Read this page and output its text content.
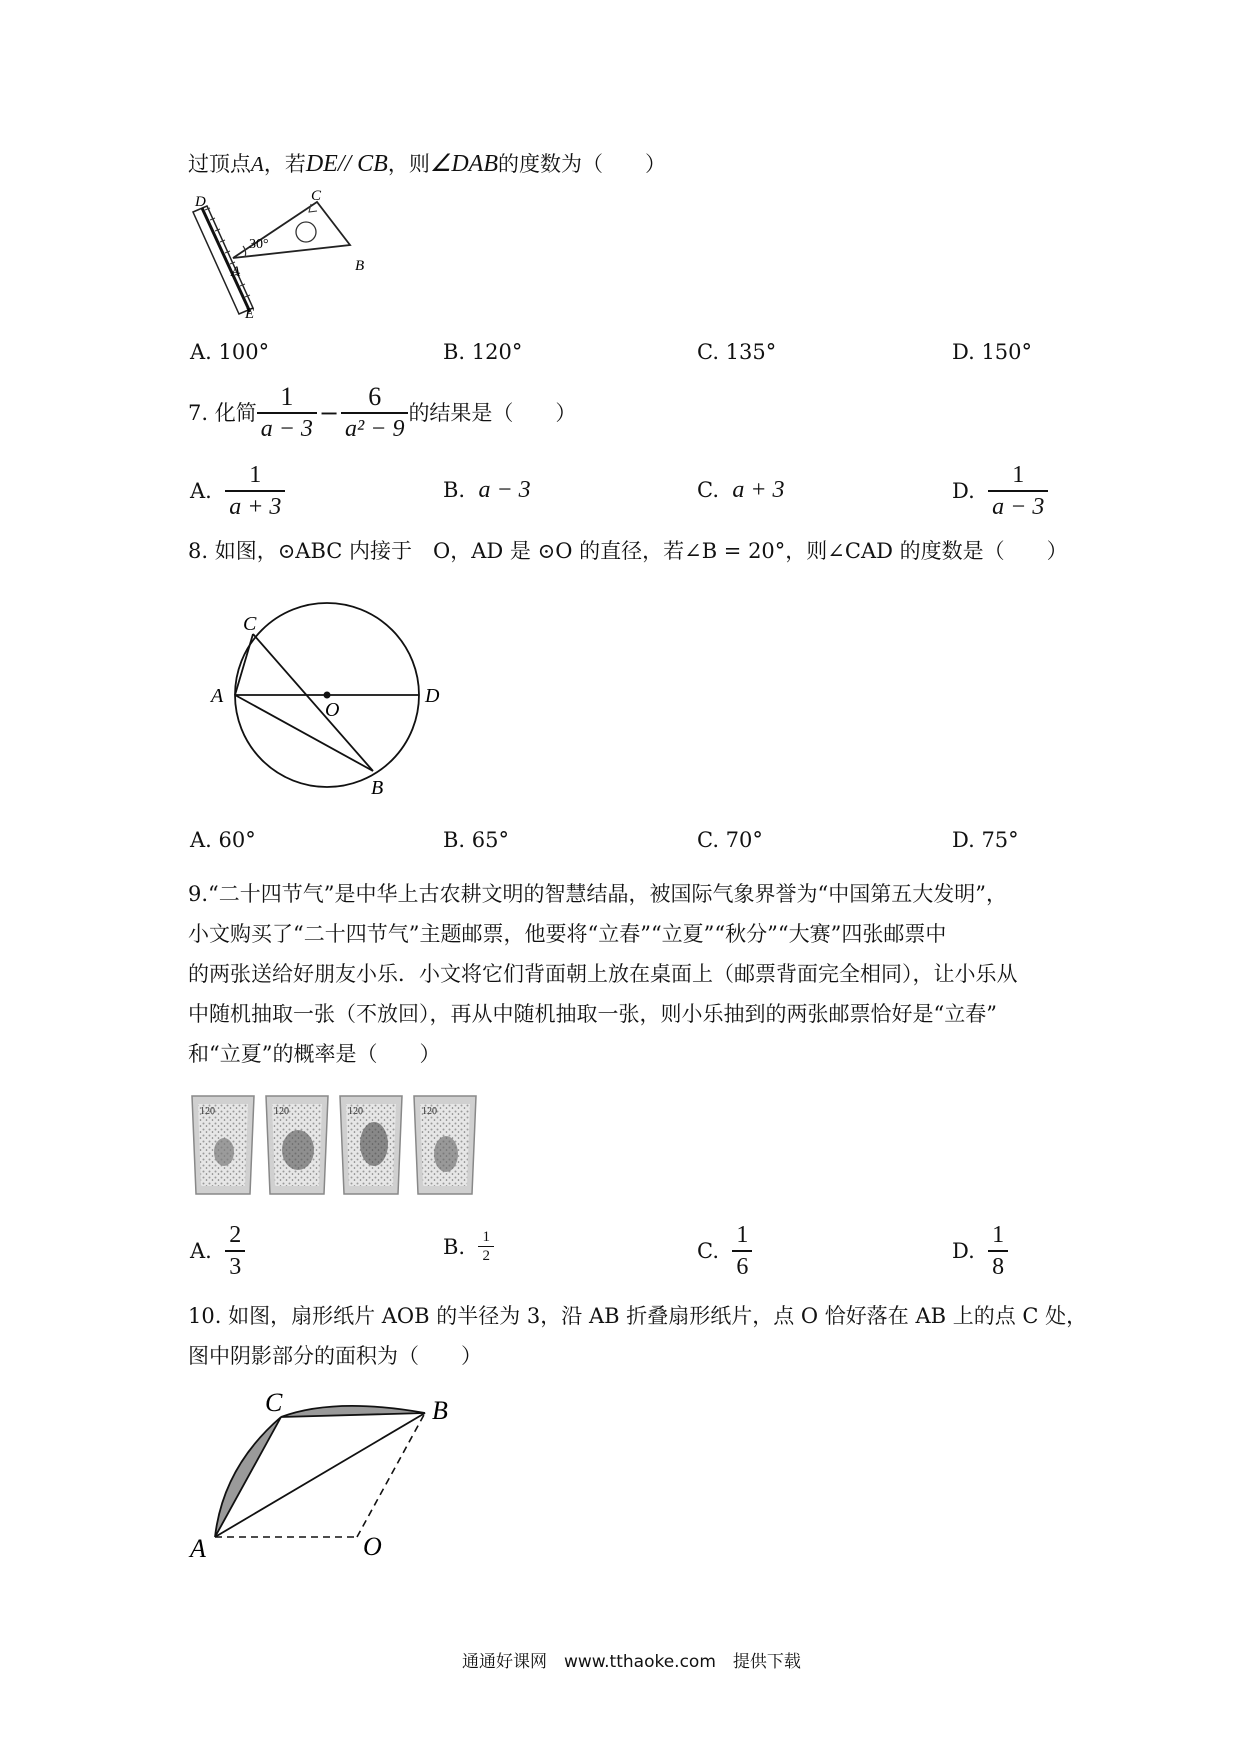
过顶点A，若DE// CB，则∠DAB的度数为（　　）
D	C
30°
A	B
E
A. 100°	B. 120°	C. 135°	D. 150°
7.
化简 $\frac{1}{a - 3} - \frac{6}{\text{a² − 9}}$ 的结果是（　　）
A.
$\frac{1}{a + 3}$	B. a − 3	C. a + 3	D.
$\frac{1}{a - 3}$
8. 如图，⊙ABC 内接于　O，AD 是 ⊙O 的直径，若∠B = 20°，则∠CAD 的度数是（　　）
C
A
O
D
B
A. 60°	B. 65°	C. 70°	D. 75°
9.“二十四节气”是中华上古农耕文明的智慧结晶，被国际气象界誉为“中国第五大发明”，
小文购买了“二十四节气”主题邮票，他要将“立春”“立夏”“秋分”“大赛”四张邮票中
的两张送给好朋友小乐．小文将它们背面朝上放在桌面上（邮票背面完全相同），让小乐从
中随机抽取一张（不放回），再从中随机抽取一张，则小乐抽到的两张邮票恰好是“立春”
和“立夏”的概率是（　　）
120	120	120	120
A.
$\frac{2}{3}$	B.
$\frac{1}{2}$	C.
$\frac{1}{6}$	D.
$\frac{1}{8}$
10. 如图，扇形纸片 AOB 的半径为 3，沿 AB 折叠扇形纸片，点 O 恰好落在 AB 上的点 C 处，
图中阴影部分的面积为（　　）
C	B
A	O
通通好课网　www.tthaoke.com　提供下载
